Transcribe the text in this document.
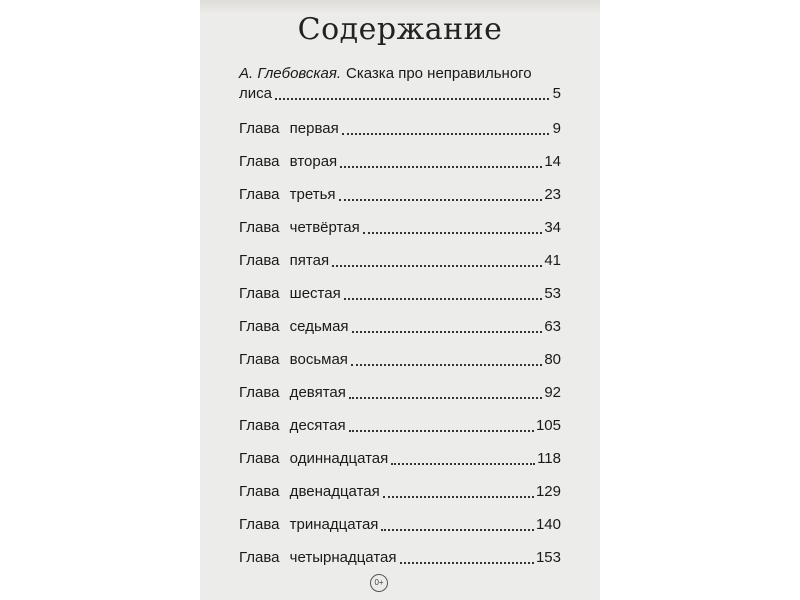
Содержание
А. Глебовская. Сказка про неправильного
лиса	5
Глава первая	9
Глава вторая	14
Глава третья	23
Глава четвёртая	34
Глава пятая	41
Глава шестая	53
Глава седьмая	63
Глава восьмая	80
Глава девятая	92
Глава десятая	105
Глава одиннадцатая	118
Глава двенадцатая	129
Глава тринадцатая	140
Глава четырнадцатая	153
0+
